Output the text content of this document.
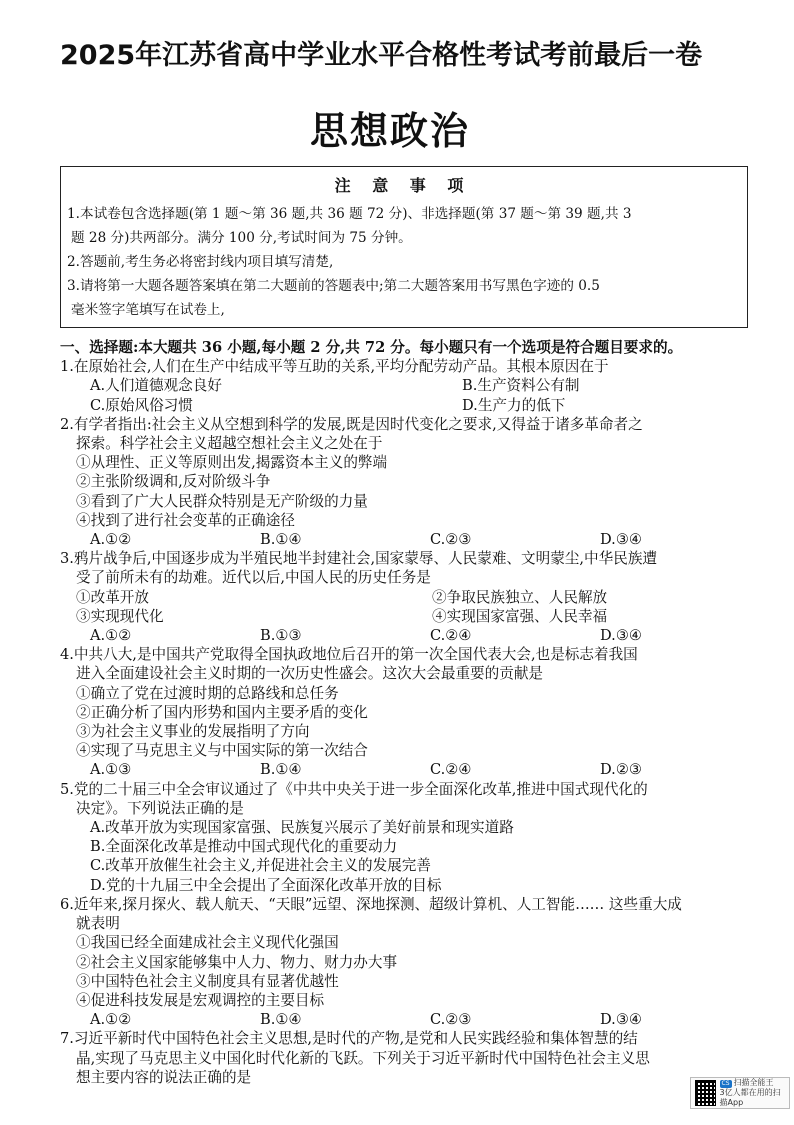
2025年江苏省高中学业水平合格性考试考前最后一卷
思想政治
注 意 事 项
1.本试卷包含选择题(第 1 题～第 36 题,共 36 题 72 分)、非选择题(第 37 题～第 39 题,共 3
题 28 分)共两部分。满分 100 分,考试时间为 75 分钟。
2.答题前,考生务必将密封线内项目填写清楚,
3.请将第一大题各题答案填在第二大题前的答题表中;第二大题答案用书写黑色字迹的 0.5
毫米签字笔填写在试卷上,
一、选择题:本大题共 36 小题,每小题 2 分,共 72 分。每小题只有一个选项是符合题目要求的。
1.在原始社会,人们在生产中结成平等互助的关系,平均分配劳动产品。其根本原因在于
A.人们道德观念良好	B.生产资料公有制
C.原始风俗习惯	D.生产力的低下
2.有学者指出:社会主义从空想到科学的发展,既是因时代变化之要求,又得益于诸多革命者之
探索。科学社会主义超越空想社会主义之处在于
①从理性、正义等原则出发,揭露资本主义的弊端
②主张阶级调和,反对阶级斗争
③看到了广大人民群众特别是无产阶级的力量
④找到了进行社会变革的正确途径
A.①②	B.①④	C.②③	D.③④
3.鸦片战争后,中国逐步成为半殖民地半封建社会,国家蒙辱、人民蒙难、文明蒙尘,中华民族遭
受了前所未有的劫难。近代以后,中国人民的历史任务是
①改革开放	②争取民族独立、人民解放
③实现现代化	④实现国家富强、人民幸福
A.①②	B.①③	C.②④	D.③④
4.中共八大,是中国共产党取得全国执政地位后召开的第一次全国代表大会,也是标志着我国
进入全面建设社会主义时期的一次历史性盛会。这次大会最重要的贡献是
①确立了党在过渡时期的总路线和总任务
②正确分析了国内形势和国内主要矛盾的变化
③为社会主义事业的发展指明了方向
④实现了马克思主义与中国实际的第一次结合
A.①③	B.①④	C.②④	D.②③
5.党的二十届三中全会审议通过了《中共中央关于进一步全面深化改革,推进中国式现代化的
决定》。下列说法正确的是
A.改革开放为实现国家富强、民族复兴展示了美好前景和现实道路
B.全面深化改革是推动中国式现代化的重要动力
C.改革开放催生社会主义,并促进社会主义的发展完善
D.党的十九届三中全会提出了全面深化改革开放的目标
6.近年来,探月探火、载人航天、“天眼”远望、深地探测、超级计算机、人工智能…… 这些重大成
就表明
①我国已经全面建成社会主义现代化强国
②社会主义国家能够集中人力、物力、财力办大事
③中国特色社会主义制度具有显著优越性
④促进科技发展是宏观调控的主要目标
A.①②	B.①④	C.②③	D.③④
7.习近平新时代中国特色社会主义思想,是时代的产物,是党和人民实践经验和集体智慧的结
晶,实现了马克思主义中国化时代化新的飞跃。下列关于习近平新时代中国特色社会主义思
想主要内容的说法正确的是	CS 扫描全能王
3亿人都在用的扫描App
